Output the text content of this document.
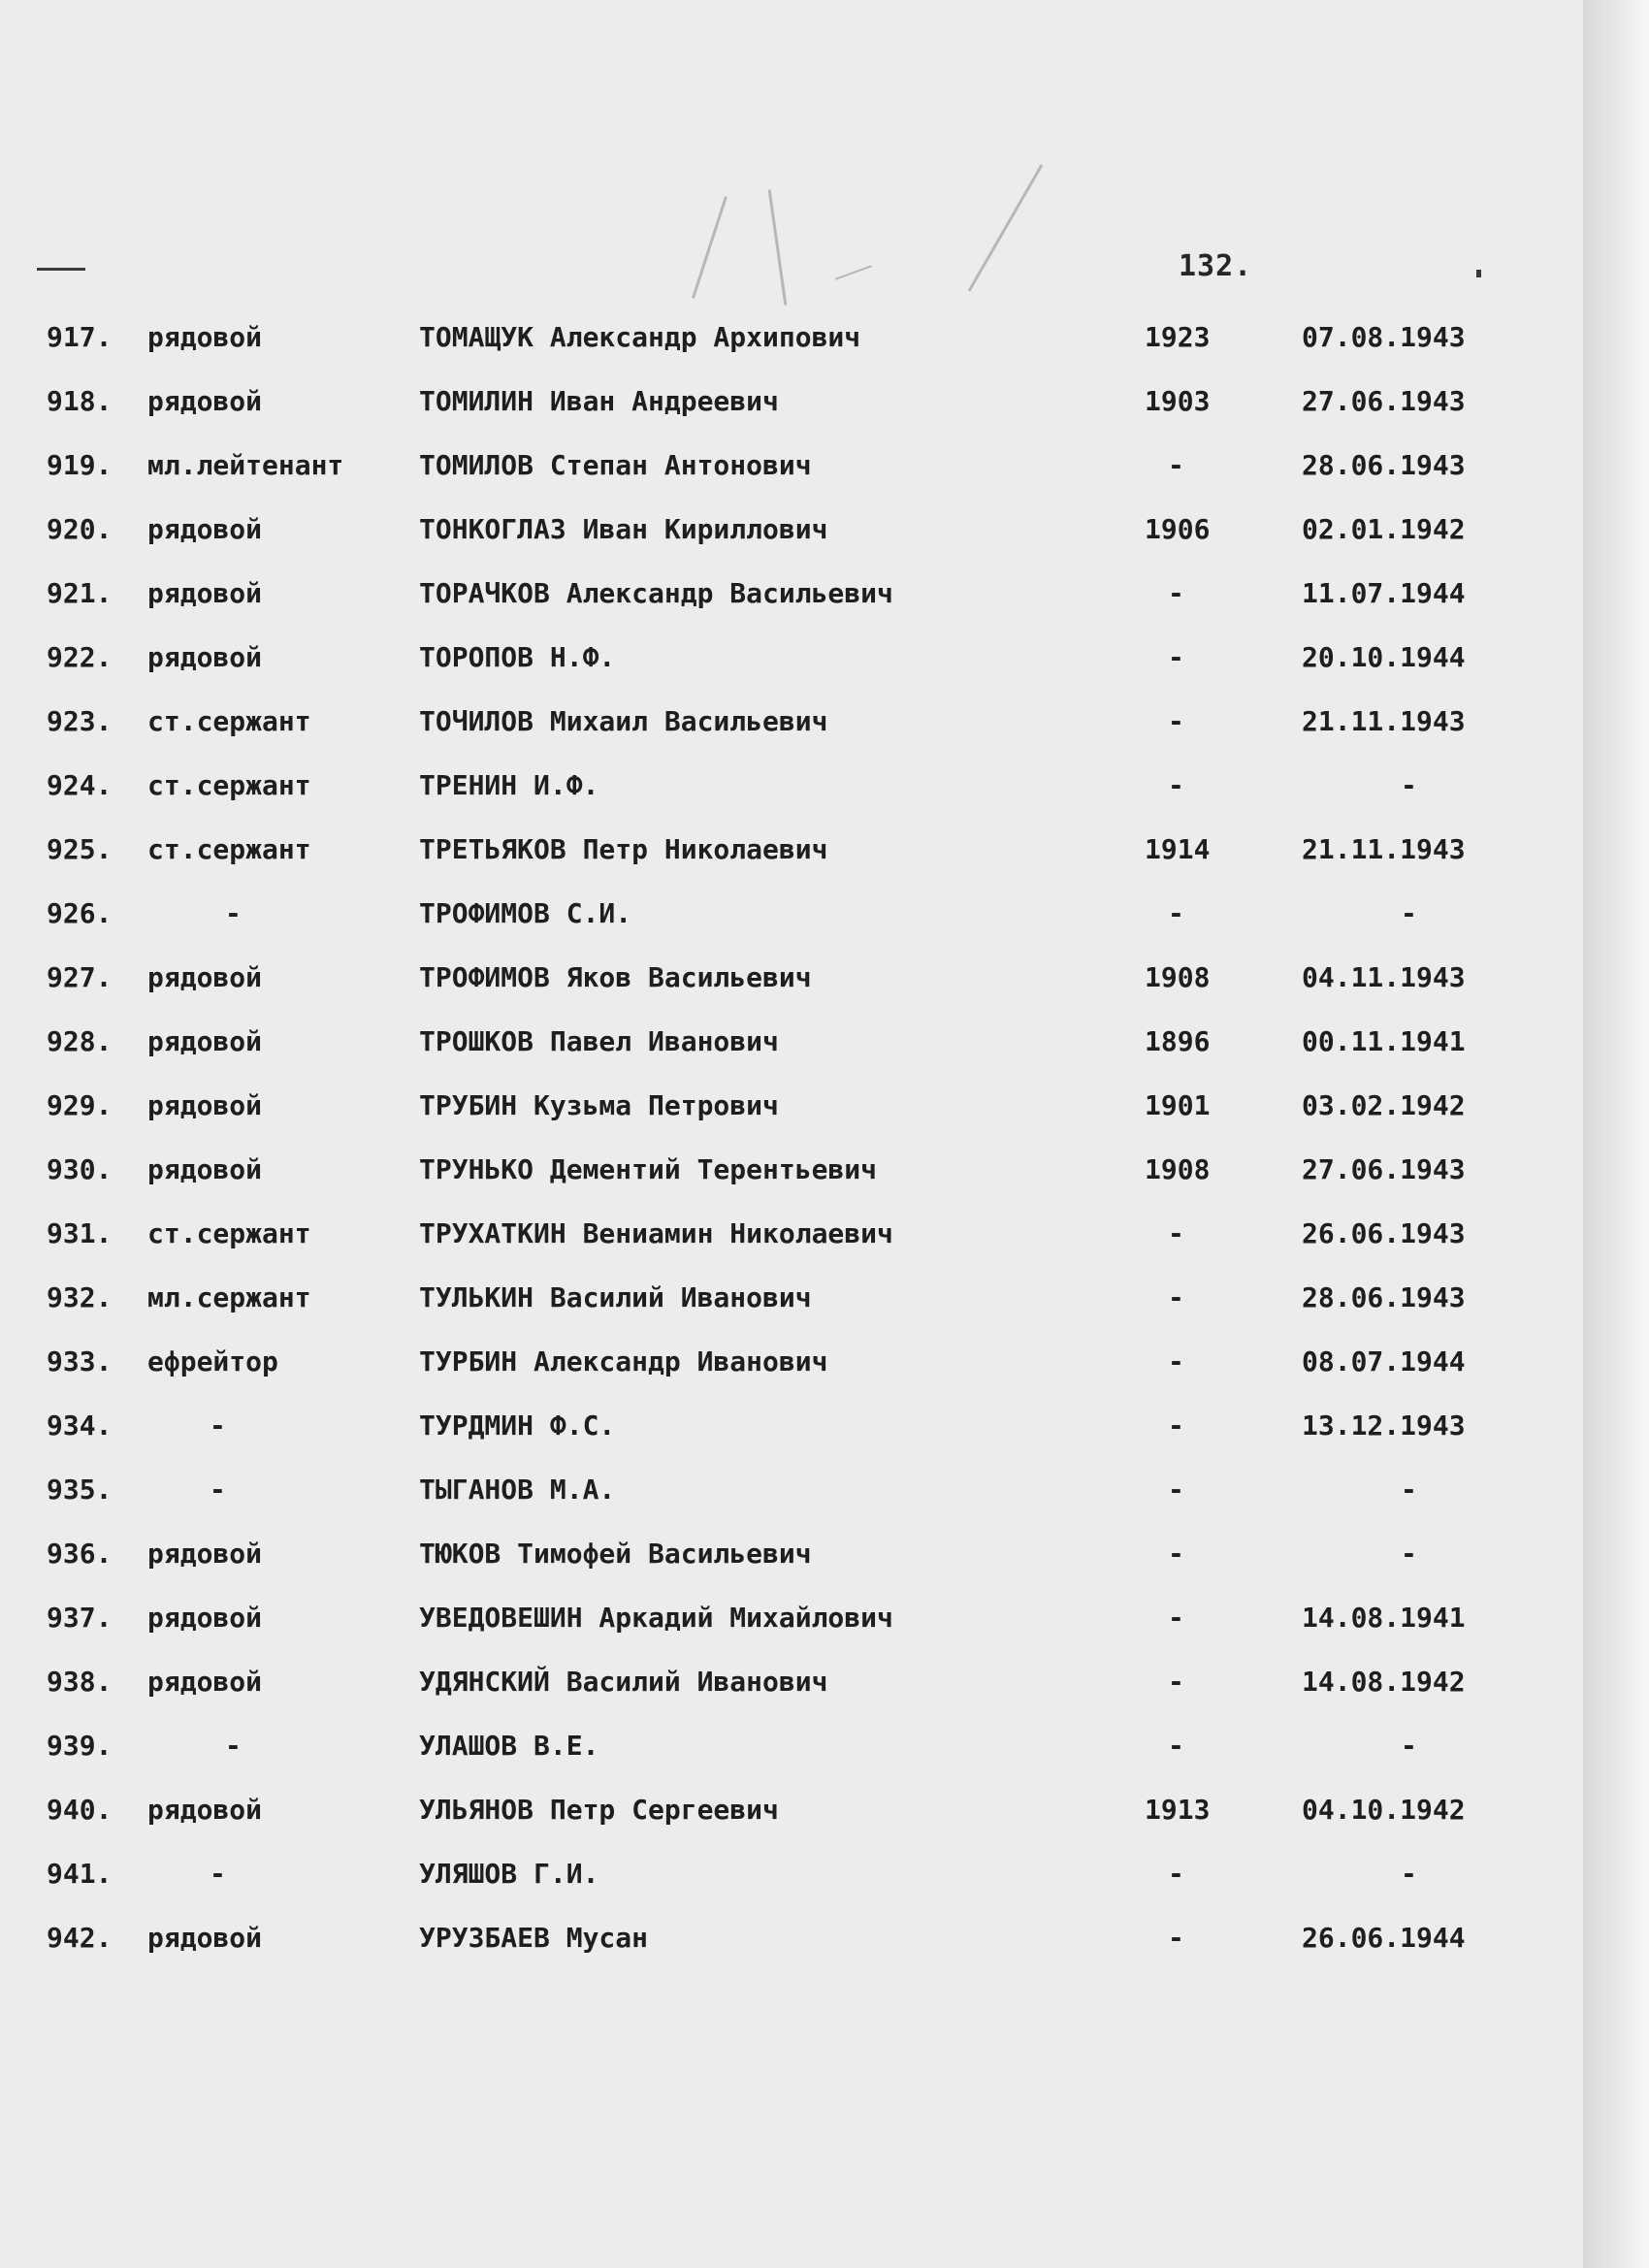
132.
917. рядовой	ТОМАЩУК Александр Архипович	1923	07.08.1943
918. рядовой	ТОМИЛИН Иван Андреевич	1903	27.06.1943
919. мл.лейтенант	ТОМИЛОВ Степан Антонович	-	28.06.1943
920. рядовой	ТОНКОГЛАЗ Иван Кириллович	1906	02.01.1942
921. рядовой	ТОРАЧКОВ Александр Васильевич	-	11.07.1944
922. рядовой	ТОРОПОВ Н.Ф.	-	20.10.1944
923. ст.сержант	ТОЧИЛОВ Михаил Васильевич	-	21.11.1943
924. ст.сержант	ТРЕНИН И.Ф.	-	-
925. ст.сержант	ТРЕТЬЯКОВ Петр Николаевич	1914	21.11.1943
926.	-	ТРОФИМОВ С.И.	-	-
927. рядовой	ТРОФИМОВ Яков Васильевич	1908	04.11.1943
928. рядовой	ТРОШКОВ Павел Иванович	1896	00.11.1941
929. рядовой	ТРУБИН Кузьма Петрович	1901	03.02.1942
930. рядовой	ТРУНЬКО Дементий Терентьевич	1908	27.06.1943
931. ст.сержант	ТРУХАТКИН Вениамин Николаевич	-	26.06.1943
932. мл.сержант	ТУЛЬКИН Василий Иванович	-	28.06.1943
933. ефрейтор	ТУРБИН Александр Иванович	-	08.07.1944
934.	-	ТУРДМИН Ф.С.	-	13.12.1943
935.	-	ТЫГАНОВ М.А.	-	-
936. рядовой	ТЮКОВ Тимофей Васильевич	-	-
937. рядовой	УВЕДОВЕШИН Аркадий Михайлович	-	14.08.1941
938. рядовой	УДЯНСКИЙ Василий Иванович	-	14.08.1942
939.	-	УЛАШОВ В.Е.	-	-
940. рядовой	УЛЬЯНОВ Петр Сергеевич	1913	04.10.1942
941.	-	УЛЯШОВ Г.И.	-	-
942. рядовой	УРУЗБАЕВ Мусан	-	26.06.1944
